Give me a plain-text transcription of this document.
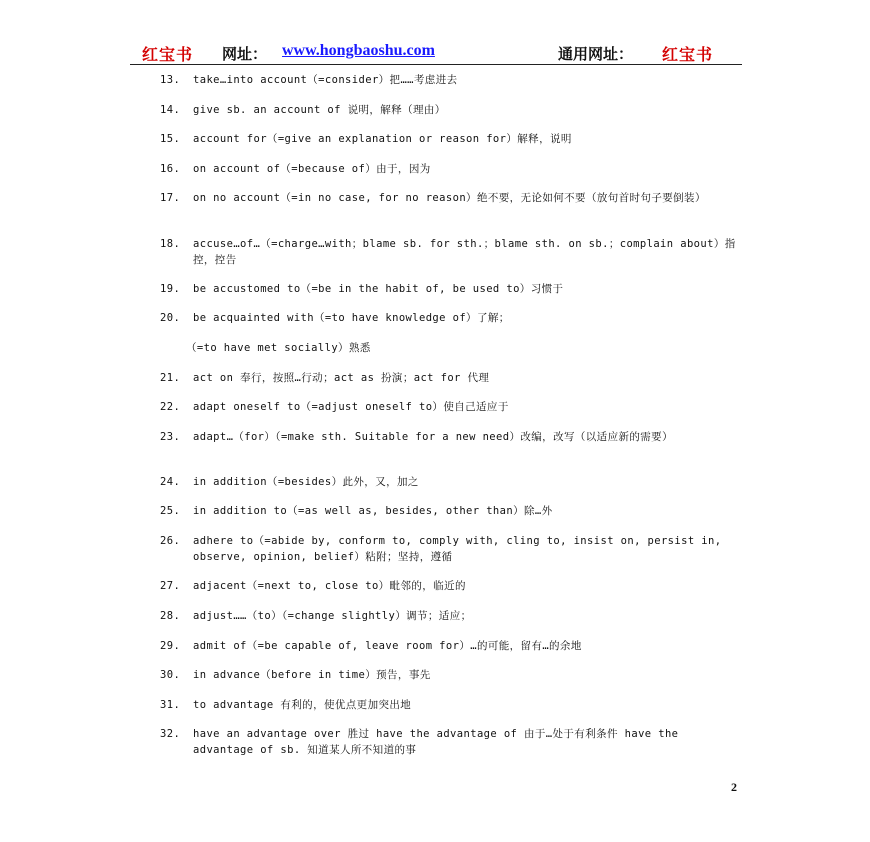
红宝书 网址： www.hongbaoshu.com	通用网址： 红宝书
13.	take…into account（=consider）把……考虑进去
14.	give sb. an account of 说明，解释（理由）
15.	account for（=give an explanation or reason for）解释，说明
16.	on account of（=because of）由于，因为
17.	on no account（=in no case, for no reason）绝不要，无论如何不要（放句首时句子要倒装）
18.	accuse…of…（=charge…with；blame sb. for sth.；blame sth. on sb.；complain about）指控，控告
19.	be accustomed to（=be in the habit of, be used to）习惯于
20.	be acquainted with（=to have knowledge of）了解；
（=to have met socially）熟悉
21.	act on 奉行，按照…行动；act as 扮演；act for 代理
22.	adapt oneself to（=adjust oneself to）使自己适应于
23.	adapt…（for）（=make sth. Suitable for a new need）改编，改写（以适应新的需要）
24.	in addition（=besides）此外，又，加之
25.	in addition to（=as well as, besides, other than）除…外
26.	adhere to（=abide by, conform to, comply with, cling to, insist on, persist in, observe, opinion, belief）粘附；坚持，遵循
27.	adjacent（=next to, close to）毗邻的，临近的
28.	adjust……（to）（=change slightly）调节；适应；
29.	admit of（=be capable of, leave room for）…的可能，留有…的余地
30.	in advance（before in time）预告，事先
31.	to advantage 有利的，使优点更加突出地
32.	have an advantage over 胜过 have the advantage of 由于…处于有利条件 have the advantage of sb. 知道某人所不知道的事
2
